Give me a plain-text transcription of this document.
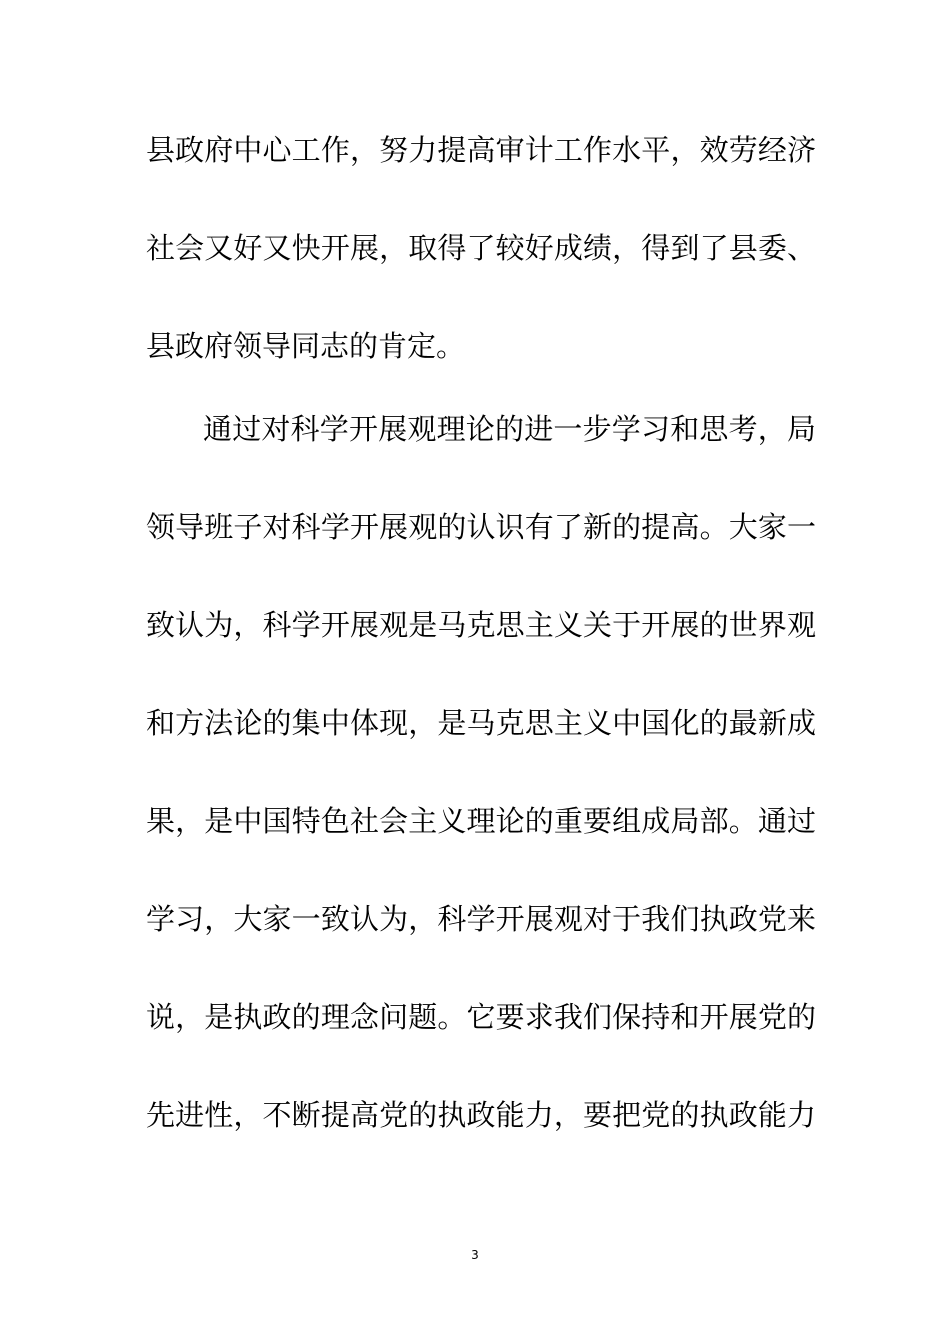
县政府中心工作，努力提高审计工作水平，效劳经济
社会又好又快开展，取得了较好成绩，得到了县委、
县政府领导同志的肯定。
通过对科学开展观理论的进一步学习和思考，局
领导班子对科学开展观的认识有了新的提高。大家一
致认为，科学开展观是马克思主义关于开展的世界观
和方法论的集中体现，是马克思主义中国化的最新成
果，是中国特色社会主义理论的重要组成局部。通过
学习，大家一致认为，科学开展观对于我们执政党来
说，是执政的理念问题。它要求我们保持和开展党的
先进性，不断提高党的执政能力，要把党的执政能力
3
